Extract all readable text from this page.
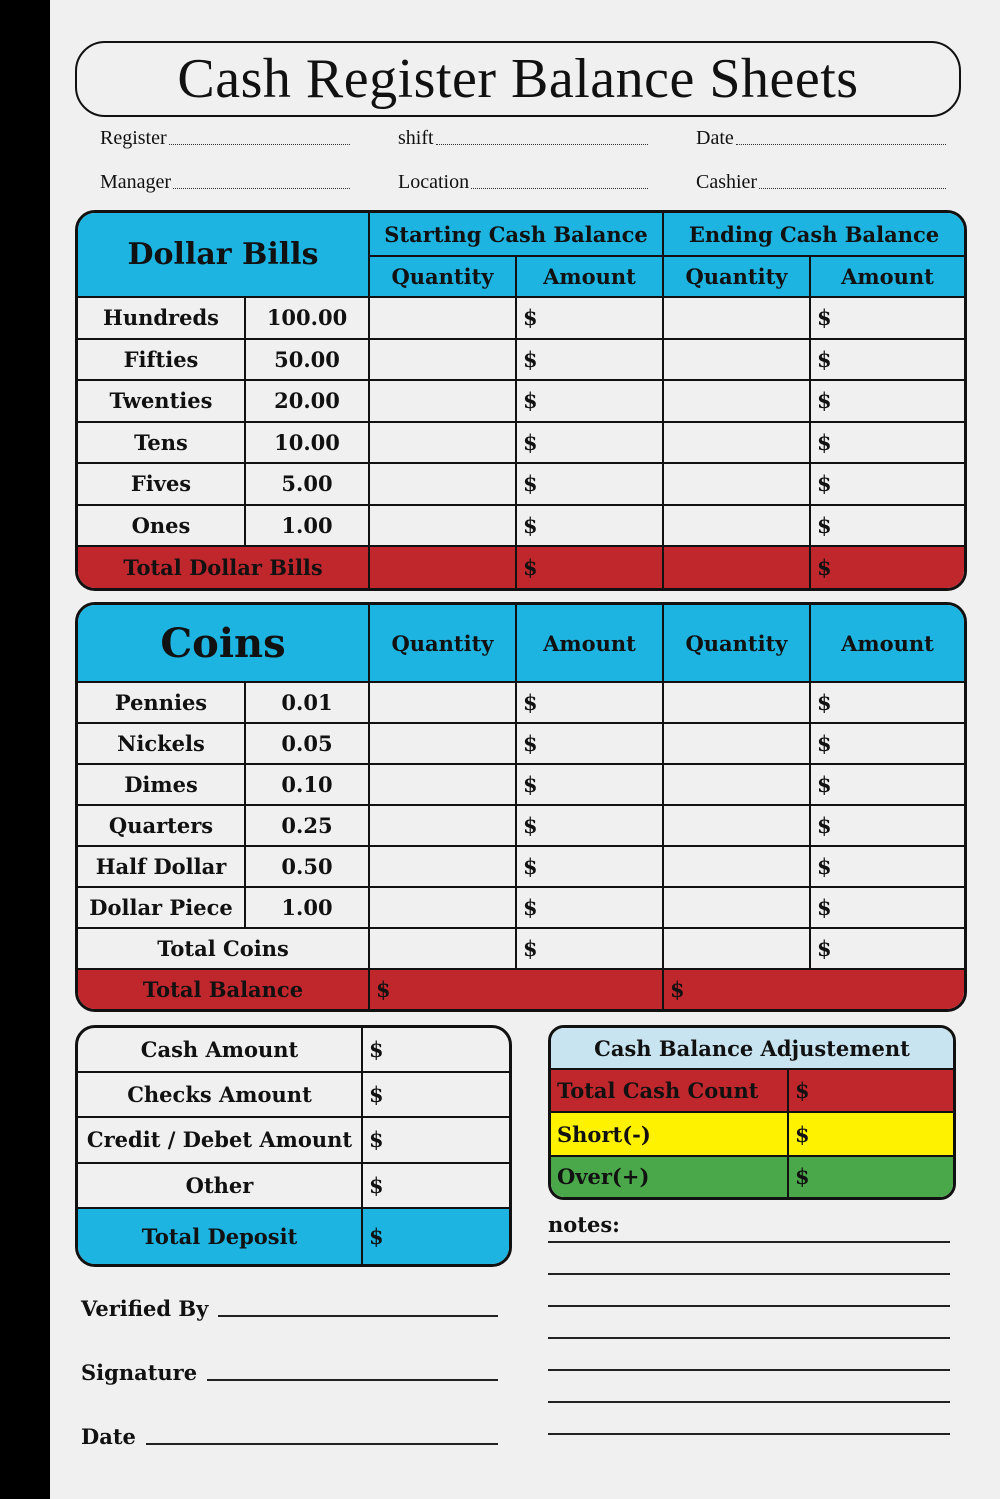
Cash Register Balance Sheets
Register	shift	Date
Manager	Location	Cashier
Dollar Bills		Starting Cash Balance		Ending Cash Balance	
		Quantity	Amount	Quantity	Amount
Hundreds	100.00		$		$
Fifties	50.00		$		$
Twenties	20.00		$		$
Tens	10.00		$		$
Fives	5.00		$		$
Ones	1.00		$		$
Total Dollar Bills			$		$
Coins		Quantity	Amount	Quantity	Amount
Pennies	0.01		$		$
Nickels	0.05		$		$
Dimes	0.10		$		$
Quarters	0.25		$		$
Half Dollar	0.50		$		$
Dollar Piece	1.00		$		$
Total Coins			$		$
Total Balance		$		$	
Cash Amount	$
Checks Amount	$
Credit / Debet Amount	$
Other	$
Total Deposit	$
Cash Balance Adjustement	
Total Cash Count	$
Short(-)	$
Over(+)	$
notes:
Verified By
Signature
Date
